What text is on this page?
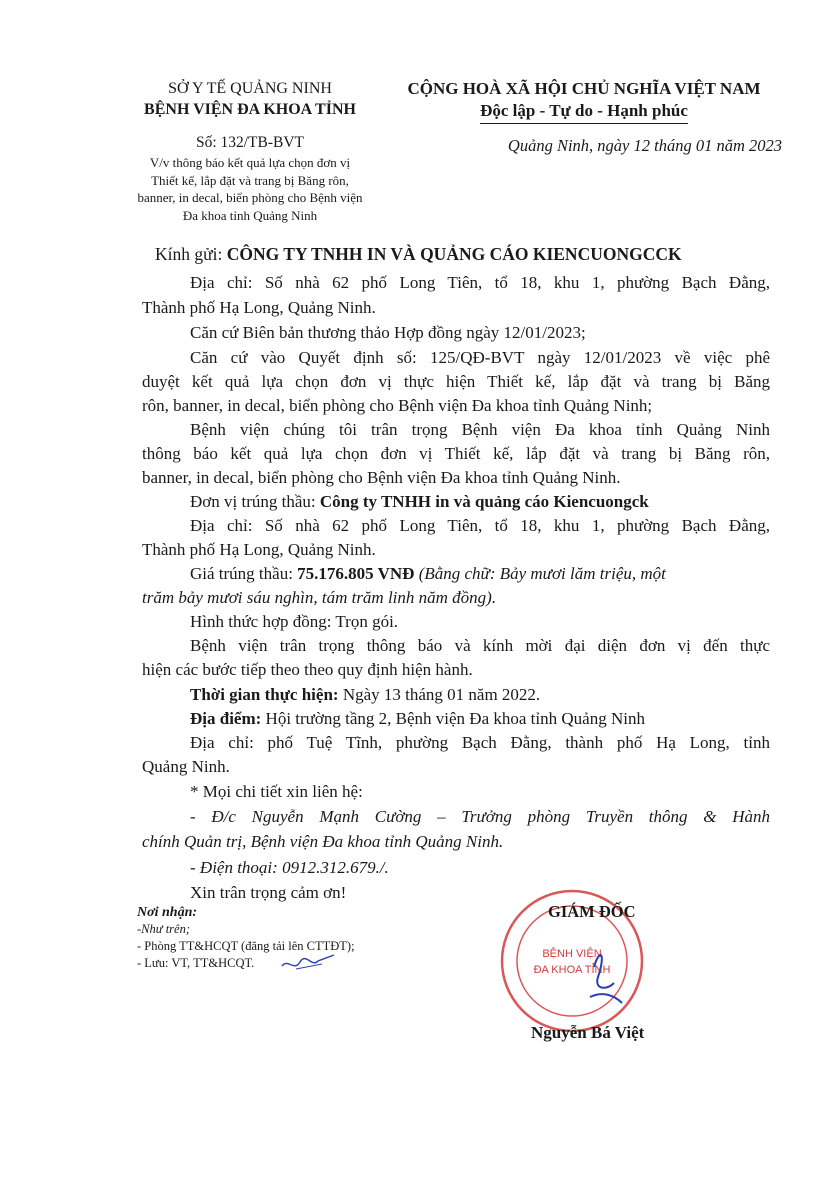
SỞ Y TẾ QUẢNG NINH
BỆNH VIỆN ĐA KHOA TỈNH
CỘNG HOÀ XÃ HỘI CHỦ NGHĨA VIỆT NAM
Độc lập - Tự do - Hạnh phúc
Số: 132/TB-BVT	Quảng Ninh, ngày 12 tháng 01 năm 2023
V/v thông báo kết quả lựa chọn đơn vị
Thiết kế, lắp đặt và trang bị Băng rôn,
banner, in decal, biển phòng cho Bệnh viện
Đa khoa tỉnh Quảng Ninh
Kính gửi: CÔNG TY TNHH IN VÀ QUẢNG CÁO KIENCUONGCCK
Địa chỉ: Số nhà 62 phố Long Tiên, tổ 18, khu 1, phường Bạch Đằng,
Thành phố Hạ Long, Quảng Ninh.
Căn cứ Biên bản thương thảo Hợp đồng ngày 12/01/2023;
Căn cứ vào Quyết định số: 125/QĐ-BVT ngày 12/01/2023 về việc phê
duyệt kết quả lựa chọn đơn vị thực hiện Thiết kế, lắp đặt và trang bị Băng
rôn, banner, in decal, biển phòng cho Bệnh viện Đa khoa tỉnh Quảng Ninh;
Bệnh viện chúng tôi trân trọng Bệnh viện Đa khoa tỉnh Quảng Ninh
thông báo kết quả lựa chọn đơn vị Thiết kế, lắp đặt và trang bị Băng rôn,
banner, in decal, biển phòng cho Bệnh viện Đa khoa tỉnh Quảng Ninh.
Đơn vị trúng thầu: Công ty TNHH in và quảng cáo Kiencuongck
Địa chỉ: Số nhà 62 phố Long Tiên, tổ 18, khu 1, phường Bạch Đằng,
Thành phố Hạ Long, Quảng Ninh.
Giá trúng thầu: 75.176.805 VNĐ (Bằng chữ: Bảy mươi lăm triệu, một
trăm bảy mươi sáu nghìn, tám trăm linh năm đồng).
Hình thức hợp đồng: Trọn gói.
Bệnh viện trân trọng thông báo và kính mời đại diện đơn vị đến thực
hiện các bước tiếp theo theo quy định hiện hành.
Thời gian thực hiện: Ngày 13 tháng 01 năm 2022.
Địa điểm: Hội trường tầng 2, Bệnh viện Đa khoa tỉnh Quảng Ninh
Địa chỉ: phố Tuệ Tĩnh, phường Bạch Đằng, thành phố Hạ Long, tỉnh
Quảng Ninh.
* Mọi chi tiết xin liên hệ:
- Đ/c Nguyễn Mạnh Cường – Trưởng phòng Truyền thông & Hành
chính Quản trị, Bệnh viện Đa khoa tỉnh Quảng Ninh.
- Điện thoại: 0912.312.679./.
Xin trân trọng cảm ơn!
Nơi nhận:
-Như trên;
- Phòng TT&HCQT (đăng tải lên CTTĐT);
- Lưu: VT, TT&HCQT.
BỆNH VIỆN
ĐA KHOA TỈNH
GIÁM ĐỐC
Nguyễn Bá Việt
